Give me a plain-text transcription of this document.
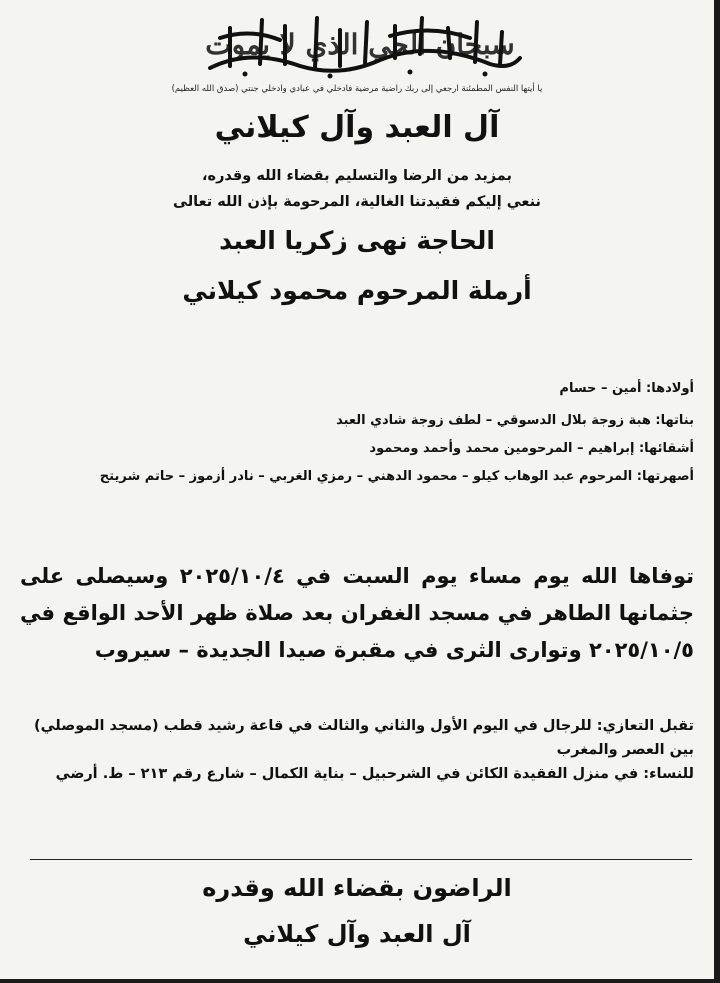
سبحان الحي الذي لا يموت
يا أيتها النفس المطمئنة ارجعي إلى ربك راضية مرضية فادخلي في عبادي وادخلي جنتي (صدق الله العظيم)
آل العبد وآل كيلاني
بمزيد من الرضا والتسليم بقضاء الله وقدره،
ننعي إليكم فقيدتنا الغالية، المرحومة بإذن الله تعالى
الحاجة نهى زكريا العبد
أرملة المرحوم محمود كيلاني
أولادها: أمين – حسام
بناتها: هبة زوجة بلال الدسوقي – لطف زوجة شادي العبد
أشقائها: إبراهيم – المرحومين محمد وأحمد ومحمود
أصهرتها: المرحوم عبد الوهاب كيلو – محمود الدهني – رمزي الغربي – نادر أزموز – حاتم شريتح
توفاها الله يوم مساء يوم السبت في ٢٠٢٥/١٠/٤ وسيصلى على جثمانها الطاهر في مسجد الغفران بعد صلاة ظهر الأحد الواقع في ٢٠٢٥/١٠/٥ وتوارى الثرى في مقبرة صيدا الجديدة – سيروب
تقبل التعازي: للرجال في اليوم الأول والثاني والثالث في قاعة رشيد قطب (مسجد الموصلي) بين العصر والمغرب
للنساء: في منزل الفقيدة الكائن في الشرحبيل – بناية الكمال – شارع رقم ٢١٣ – ط. أرضي
الراضون بقضاء الله وقدره
آل العبد وآل كيلاني
